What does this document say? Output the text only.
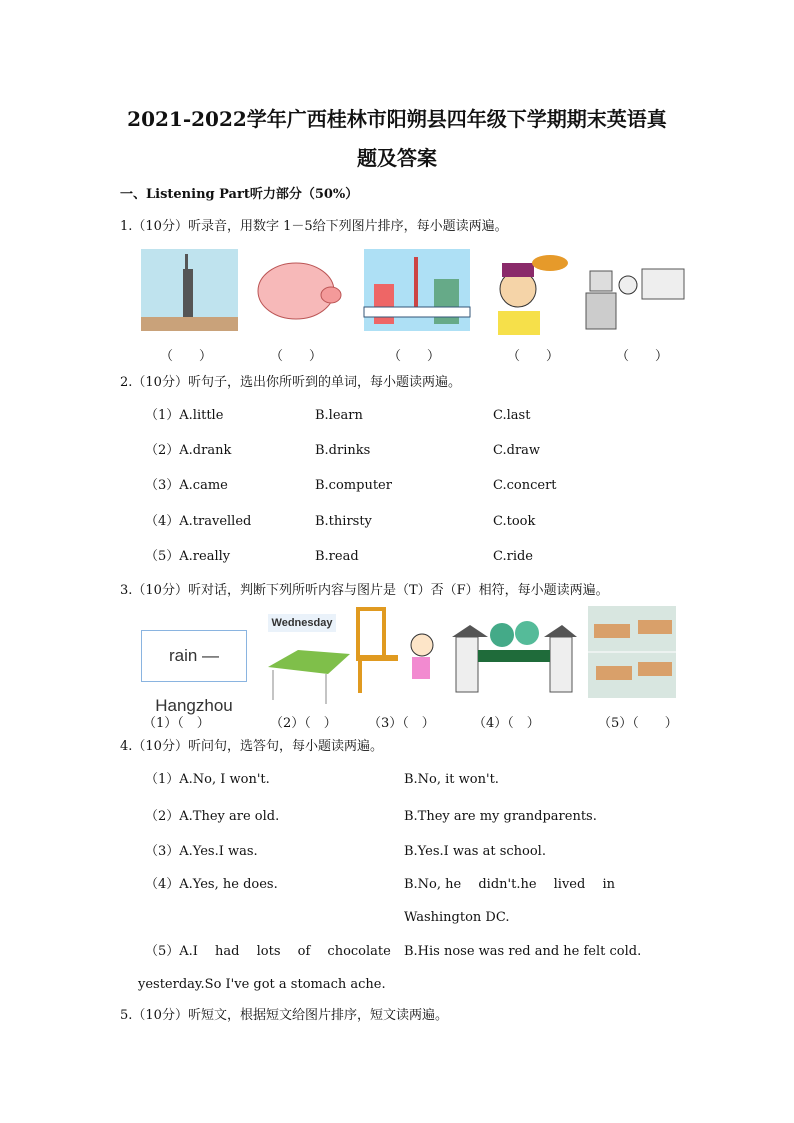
2021-2022学年广西桂林市阳朔县四年级下学期期末英语真
题及答案
一、Listening Part听力部分（50%）
1.（10分）听录音，用数字 1－5给下列图片排序，每小题读两遍。
（　　）	（　　）	（　　）	（　　）	（　　）
2.（10分）听句子，选出你所听到的单词，每小题读两遍。
（1）A.little	B.learn	C.last
（2）A.drank	B.drinks	C.draw
（3）A.came	B.computer	C.concert
（4）A.travelled	B.thirsty	C.took
（5）A.really	B.read	C.ride
3.（10分）听对话，判断下列所听内容与图片是（T）否（F）相符，每小题读两遍。
rain — Hangzhou
Wednesday
（1）（　）	（2）（　） （3）（　）	（4）（　）	（5）（　　）
4.（10分）听问句，选答句，每小题读两遍。
（1）A.No, I won't.	B.No, it won't.
（2）A.They are old.	B.They are my grandparents.
（3）A.Yes.I was.	B.Yes.I was at school.
（4）A.Yes, he does.	B.No, he　 didn't.he　 lived　 in
Washington DC.
（5）A.I　 had　 lots　 of　 chocolate B.His nose was red and he felt cold.
yesterday.So I've got a stomach ache.
5.（10分）听短文，根据短文给图片排序，短文读两遍。
